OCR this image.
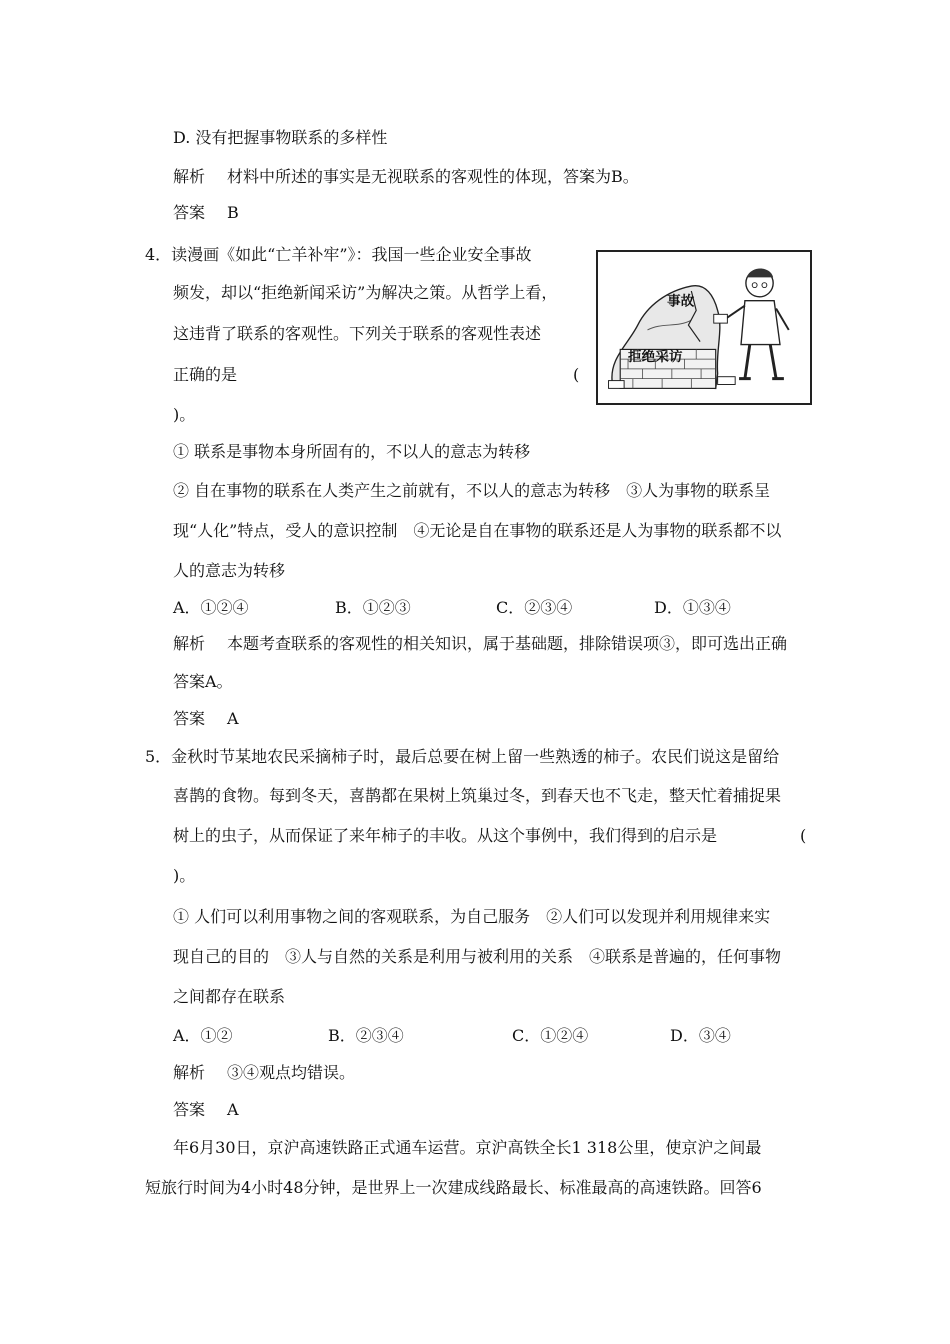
D. 没有把握事物联系的多样性
解析 材料中所述的事实是无视联系的客观性的体现，答案为B。
答案 B
4．读漫画《如此“亡羊补牢”》：我国一些企业安全事故
频发，却以“拒绝新闻采访”为解决之策。从哲学上看，
这违背了联系的客观性。下列关于联系的客观性表述
正确的是	(
)。
事故
拒绝采访
① 联系是事物本身所固有的，不以人的意志为转移
② 自在事物的联系在人类产生之前就有，不以人的意志为转移　③人为事物的联系呈
现“人化”特点，受人的意识控制　④无论是自在事物的联系还是人为事物的联系都不以
人的意志为转移
A．①②④	B．①②③	C．②③④	D．①③④
解析 本题考查联系的客观性的相关知识，属于基础题，排除错误项③，即可选出正确
答案A。
答案 A
5．金秋时节某地农民采摘柿子时，最后总要在树上留一些熟透的柿子。农民们说这是留给
喜鹊的食物。每到冬天，喜鹊都在果树上筑巢过冬，到春天也不飞走，整天忙着捕捉果
树上的虫子，从而保证了来年柿子的丰收。从这个事例中，我们得到的启示是	(
)。
① 人们可以利用事物之间的客观联系，为自己服务　②人们可以发现并利用规律来实
现自己的目的　③人与自然的关系是利用与被利用的关系　④联系是普遍的，任何事物
之间都存在联系
A．①②	B．②③④	C．①②④	D．③④
解析 ③④观点均错误。
答案 A
年6月30日，京沪高速铁路正式通车运营。京沪高铁全长1 318公里，使京沪之间最
短旅行时间为4小时48分钟，是世界上一次建成线路最长、标准最高的高速铁路。回答6
